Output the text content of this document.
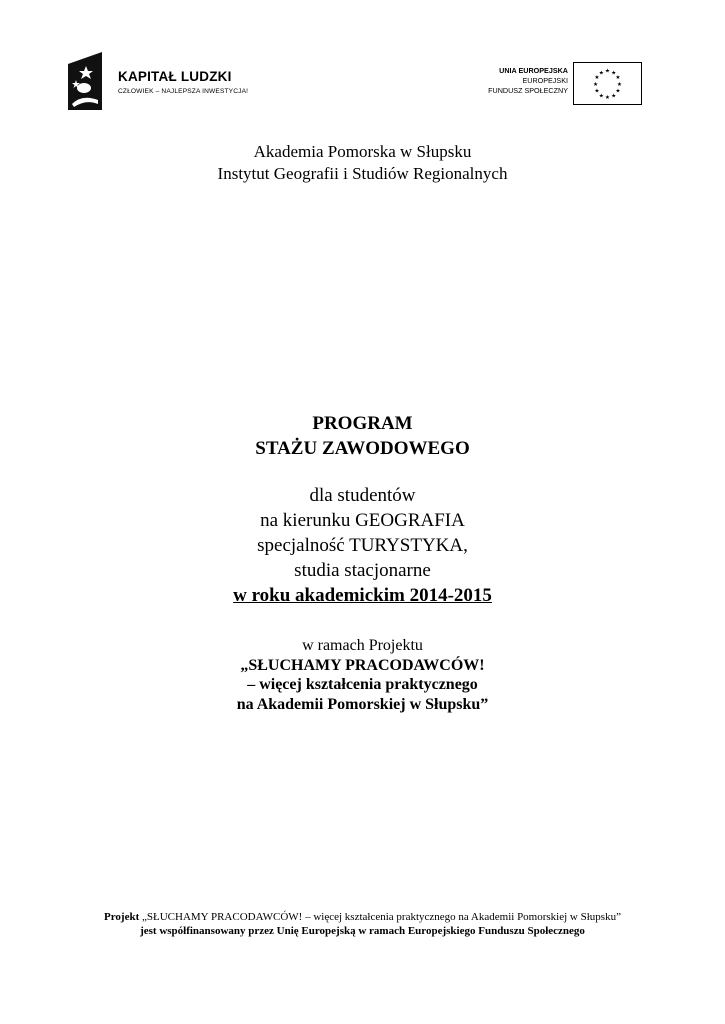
KAPITAŁ LUDZKI
CZŁOWIEK – NAJLEPSZA INWESTYCJA!
UNIA EUROPEJSKA
EUROPEJSKI
FUNDUSZ SPOŁECZNY
★ ★
★
★
★
★
★
★
★
★
★
★
Akademia Pomorska w Słupsku
Instytut Geografii i Studiów Regionalnych
PROGRAM
STAŻU ZAWODOWEGO
dla studentów
na kierunku GEOGRAFIA
specjalność TURYSTYKA,
studia stacjonarne
w roku akademickim 2014-2015
w ramach Projektu
„SŁUCHAMY PRACODAWCÓW!
– więcej kształcenia praktycznego
na Akademii Pomorskiej w Słupsku”
Projekt „SŁUCHAMY PRACODAWCÓW! – więcej kształcenia praktycznego na Akademii Pomorskiej w Słupsku”
jest współfinansowany przez Unię Europejską w ramach Europejskiego Funduszu Społecznego
